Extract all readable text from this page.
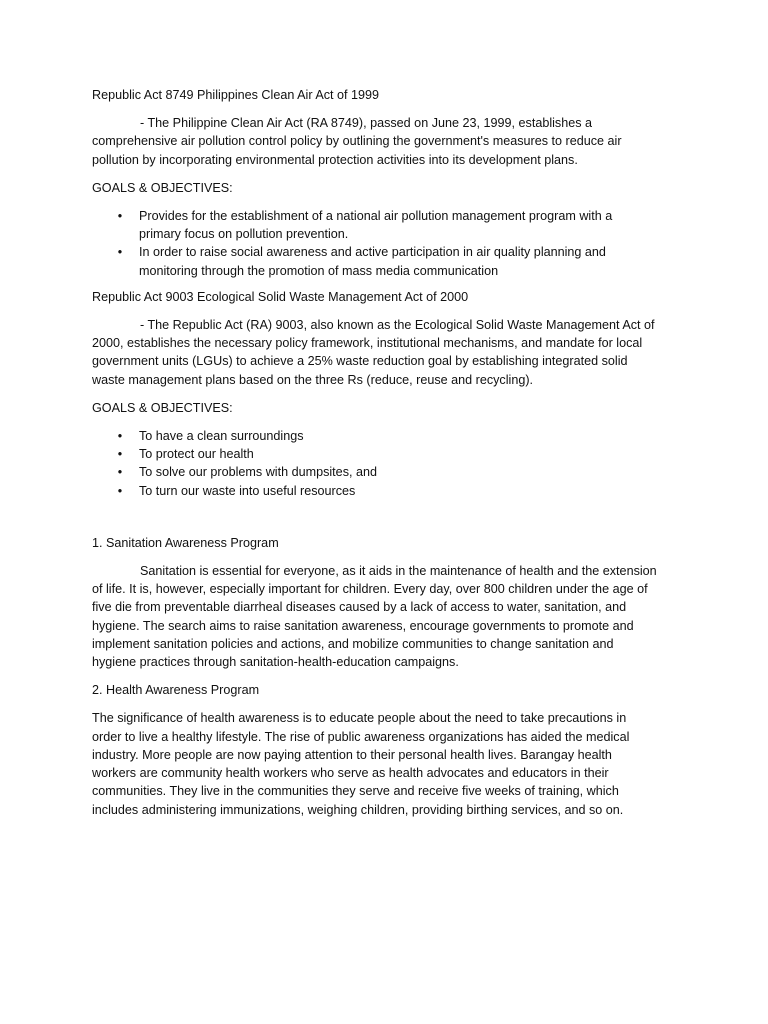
Republic Act 8749 Philippines Clean Air Act of 1999

- The Philippine Clean Air Act (RA 8749), passed on June 23, 1999, establishes a

comprehensive air pollution control policy by outlining the government's measures to reduce air

pollution by incorporating environmental protection activities into its development plans.

GOALS & OBJECTIVES:

• Provides for the establishment of a national air pollution management program with a

primary focus on pollution prevention.

• In order to raise social awareness and active participation in air quality planning and

monitoring through the promotion of mass media communication

Republic Act 9003 Ecological Solid Waste Management Act of 2000

- The Republic Act (RA) 9003, also known as the Ecological Solid Waste Management Act of

2000, establishes the necessary policy framework, institutional mechanisms, and mandate for local

government units (LGUs) to achieve a 25% waste reduction goal by establishing integrated solid

waste management plans based on the three Rs (reduce, reuse and recycling).

GOALS & OBJECTIVES:

• To have a clean surroundings

• To protect our health

• To solve our problems with dumpsites, and

• To turn our waste into useful resources

1. Sanitation Awareness Program

Sanitation is essential for everyone, as it aids in the maintenance of health and the extension

of life. It is, however, especially important for children. Every day, over 800 children under the age of

five die from preventable diarrheal diseases caused by a lack of access to water, sanitation, and

hygiene. The search aims to raise sanitation awareness, encourage governments to promote and

implement sanitation policies and actions, and mobilize communities to change sanitation and

hygiene practices through sanitation-health-education campaigns.

2. Health Awareness Program

The significance of health awareness is to educate people about the need to take precautions in

order to live a healthy lifestyle. The rise of public awareness organizations has aided the medical

industry. More people are now paying attention to their personal health lives. Barangay health

workers are community health workers who serve as health advocates and educators in their

communities. They live in the communities they serve and receive five weeks of training, which

includes administering immunizations, weighing children, providing birthing services, and so on.
